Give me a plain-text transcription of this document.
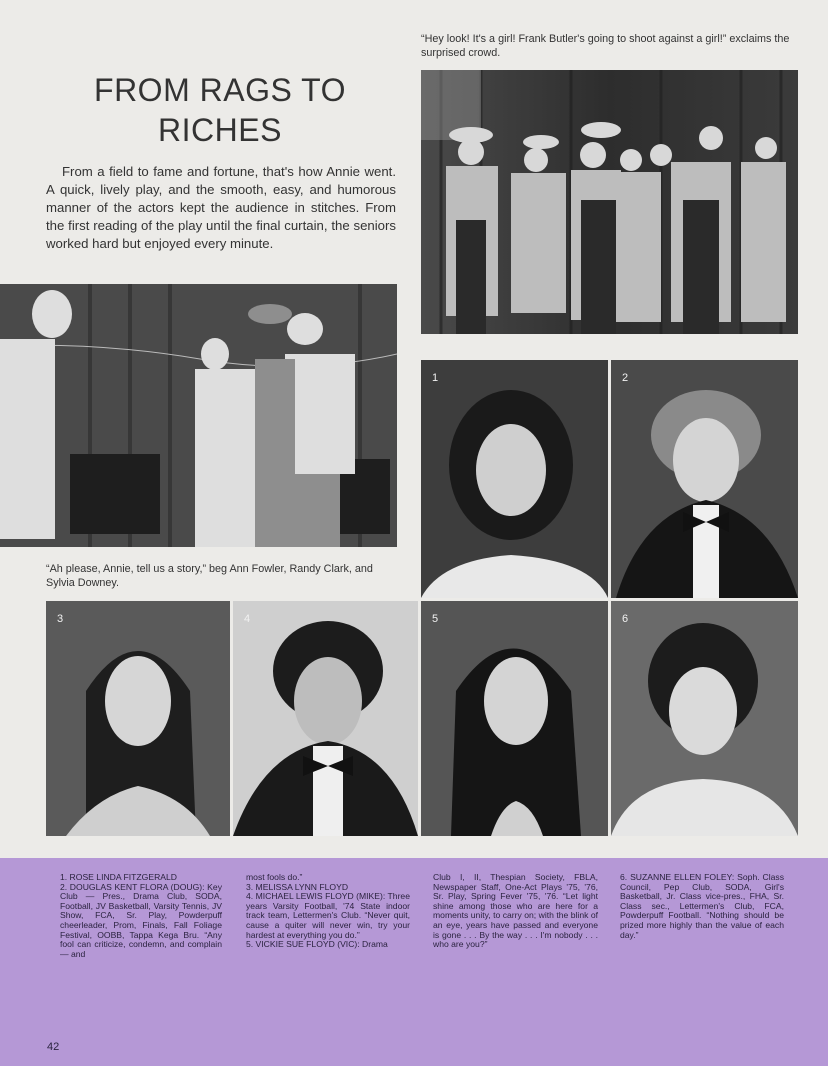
“Hey look! It's a girl! Frank Butler's going to shoot against a girl!” exclaims the surprised crowd.
FROM RAGS TO
RICHES
From a field to fame and fortune, that's how Annie went. A quick, lively play, and the smooth, easy, and humorous manner of the actors kept the audience in stitches. From the first reading of the play until the final curtain, the seniors worked hard but enjoyed every minute.
“Ah please, Annie, tell us a story,” beg Ann Fowler, Randy Clark, and Sylvia Downey.
1	2
3	4	5	6

1. ROSE LINDA FITZGERALD

2. DOUGLAS KENT FLORA (DOUG): Key Club — Pres., Drama Club, SODA, Football, JV Basketball, Varsity Tennis, JV Show, FCA, Sr. Play, Powderpuff cheerleader, Prom, Finals, Fall Foliage Festival, OOBB, Tappa Kega Bru. “Any fool can criticize, condemn, and complain — and

most fools do.”

3. MELISSA LYNN FLOYD

4. MICHAEL LEWIS FLOYD (MIKE): Three years Varsity Football, '74 State indoor track team, Lettermen's Club. “Never quit, cause a quiter will never win, try your hardest at everything you do.”

5. VICKIE SUE FLOYD (VIC): Drama

Club I, II, Thespian Society, FBLA, Newspaper Staff, One-Act Plays '75, '76, Sr. Play, Spring Fever '75, '76. “Let light shine among those who are here for a moments unity, to carry on; with the blink of an eye, years have passed and everyone is gone . . . By the way . . . I'm nobody . . . who are you?”

6. SUZANNE ELLEN FOLEY: Soph. Class Council, Pep Club, SODA, Girl's Basketball, Jr. Class vice-pres., FHA, Sr. Class sec., Lettermen's Club, FCA, Powderpuff Football. “Nothing should be prized more highly than the value of each day.”

42
